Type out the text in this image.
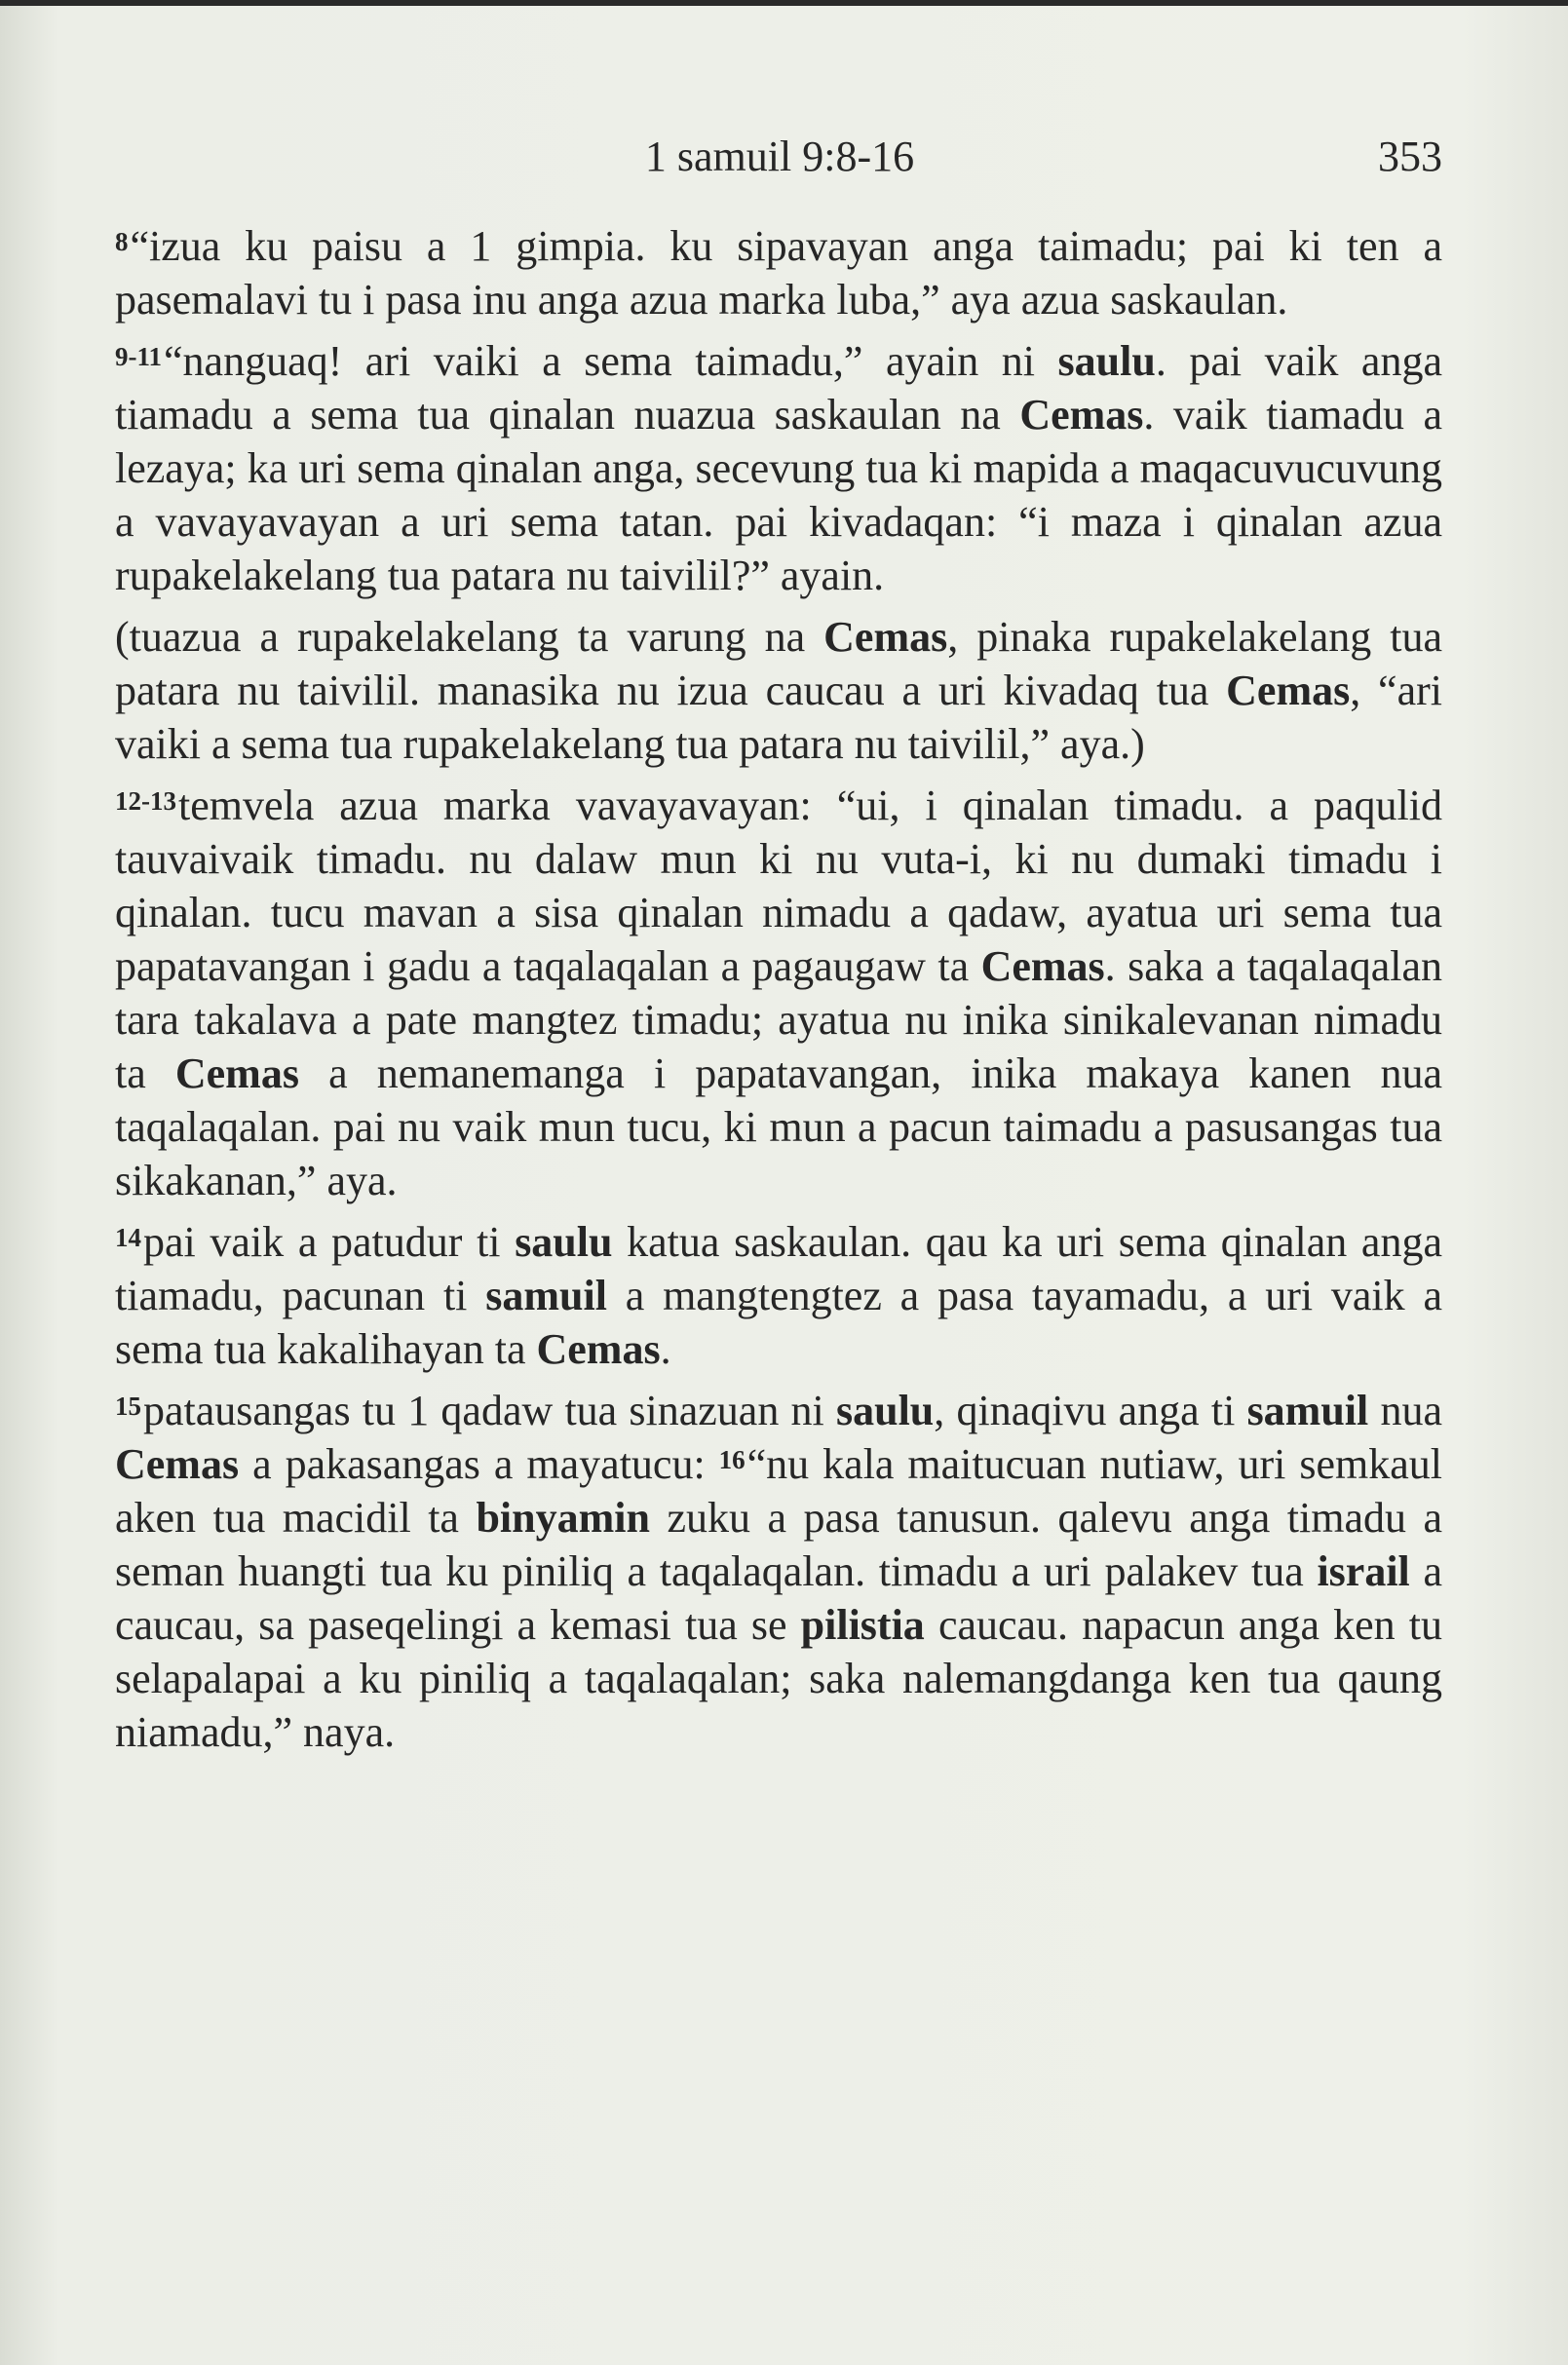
1 samuil 9:8-16	353

$^8$“izua ku paisu a 1 gimpia. ku sipavayan anga taimadu; pai ki ten a pasemalavi tu i pasa inu anga azua marka luba,” aya azua saskaulan.

$^{9-11}$“nanguaq! ari vaiki a sema taimadu,” ayain ni saulu. pai vaik anga tiamadu a sema tua qinalan nuazua saskaulan na Cemas. vaik tiamadu a lezaya; ka uri sema qinalan anga, secevung tua ki mapida a maqacuvucuvung a vavayavayan a uri sema tatan. pai kivadaqan: “i maza i qinalan azua rupakelakelang tua patara nu taivilil?” ayain.

(tuazua a rupakelakelang ta varung na Cemas, pinaka rupakelakelang tua patara nu taivilil. manasika nu izua caucau a uri kivadaq tua Cemas, “ari vaiki a sema tua rupakelakelang tua patara nu taivilil,” aya.)

$^{12-13}$temvela azua marka vavayavayan: “ui, i qinalan timadu. a paqulid tauvaivaik timadu. nu dalaw mun ki nu vuta-i, ki nu dumaki timadu i qinalan. tucu mavan a sisa qinalan nimadu a qadaw, ayatua uri sema tua papatavangan i gadu a taqalaqalan a pagaugaw ta Cemas. saka a taqalaqalan tara takalava a pate mangtez timadu; ayatua nu inika sinikalevanan nimadu ta Cemas a nemanemanga i papatavangan, inika makaya kanen nua taqalaqalan. pai nu vaik mun tucu, ki mun a pacun taimadu a pasusangas tua sikakanan,” aya.

$^{14}$pai vaik a patudur ti saulu katua saskaulan. qau ka uri sema qinalan anga tiamadu, pacunan ti samuil a mangtengtez a pasa tayamadu, a uri vaik a sema tua kakalihayan ta Cemas.

$^{15}$patausangas tu 1 qadaw tua sinazuan ni saulu, qinaqivu anga ti samuil nua Cemas a pakasangas a mayatucu: $^{16}$“nu kala maitucuan nutiaw, uri semkaul aken tua macidil ta binyamin zuku a pasa tanusun. qalevu anga timadu a seman huangti tua ku piniliq a taqalaqalan. timadu a uri palakev tua israil a caucau, sa paseqelingi a kemasi tua se pilistia caucau. napacun anga ken tu selapalapai a ku piniliq a taqalaqalan; saka nalemangdanga ken tua qaung niamadu,” naya.
